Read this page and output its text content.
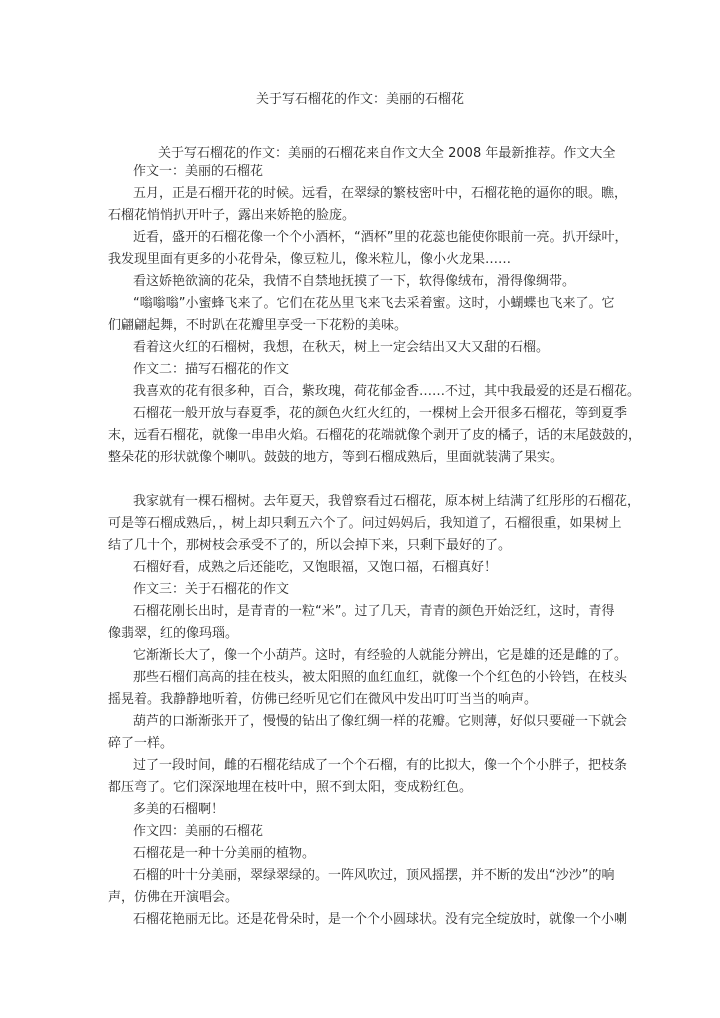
关于写石榴花的作文：美丽的石榴花
关于写石榴花的作文：美丽的石榴花来自作文大全 2008 年最新推荐。作文大全
作文一：美丽的石榴花
五月，正是石榴开花的时候。远看，在翠绿的繁枝密叶中，石榴花艳的逼你的眼。瞧，
石榴花悄悄扒开叶子，露出来娇艳的脸庞。
近看，盛开的石榴花像一个个小酒杯，“酒杯”里的花蕊也能使你眼前一亮。扒开绿叶，
我发现里面有更多的小花骨朵，像豆粒儿，像米粒儿，像小火龙果……
看这娇艳欲滴的花朵，我情不自禁地抚摸了一下，软得像绒布，滑得像绸带。
“嗡嗡嗡”小蜜蜂飞来了。它们在花丛里飞来飞去采着蜜。这时，小蝴蝶也飞来了。它
们翩翩起舞，不时趴在花瓣里享受一下花粉的美味。
看着这火红的石榴树，我想，在秋天，树上一定会结出又大又甜的石榴。
作文二：描写石榴花的作文
我喜欢的花有很多种，百合，紫玫瑰，荷花郁金香……不过，其中我最爱的还是石榴花。
石榴花一般开放与春夏季，花的颜色火红火红的，一棵树上会开很多石榴花，等到夏季
末，远看石榴花，就像一串串火焰。石榴花的花端就像个剥开了皮的橘子，话的末尾鼓鼓的，
整朵花的形状就像个喇叭。鼓鼓的地方，等到石榴成熟后，里面就装满了果实。
我家就有一棵石榴树。去年夏天，我曾察看过石榴花，原本树上结满了红彤彤的石榴花，
可是等石榴成熟后，，树上却只剩五六个了。问过妈妈后，我知道了，石榴很重，如果树上
结了几十个，那树枝会承受不了的，所以会掉下来，只剩下最好的了。
石榴好看，成熟之后还能吃，又饱眼福，又饱口福，石榴真好！
作文三：关于石榴花的作文
石榴花刚长出时，是青青的一粒“米”。过了几天，青青的颜色开始泛红，这时，青得
像翡翠，红的像玛瑙。
它渐渐长大了，像一个小葫芦。这时，有经验的人就能分辨出，它是雄的还是雌的了。
那些石榴们高高的挂在枝头，被太阳照的血红血红，就像一个个红色的小铃铛，在枝头
摇晃着。我静静地听着，仿佛已经听见它们在微风中发出叮叮当当的响声。
葫芦的口渐渐张开了，慢慢的钻出了像红绸一样的花瓣。它则薄，好似只要碰一下就会
碎了一样。
过了一段时间，雌的石榴花结成了一个个石榴，有的比拟大，像一个个小胖子，把枝条
都压弯了。它们深深地埋在枝叶中，照不到太阳，变成粉红色。
多美的石榴啊！
作文四：美丽的石榴花
石榴花是一种十分美丽的植物。
石榴的叶十分美丽，翠绿翠绿的。一阵风吹过，顶风摇摆，并不断的发出“沙沙”的响
声，仿佛在开演唱会。
石榴花艳丽无比。还是花骨朵时，是一个个小圆球状。没有完全绽放时，就像一个小喇
